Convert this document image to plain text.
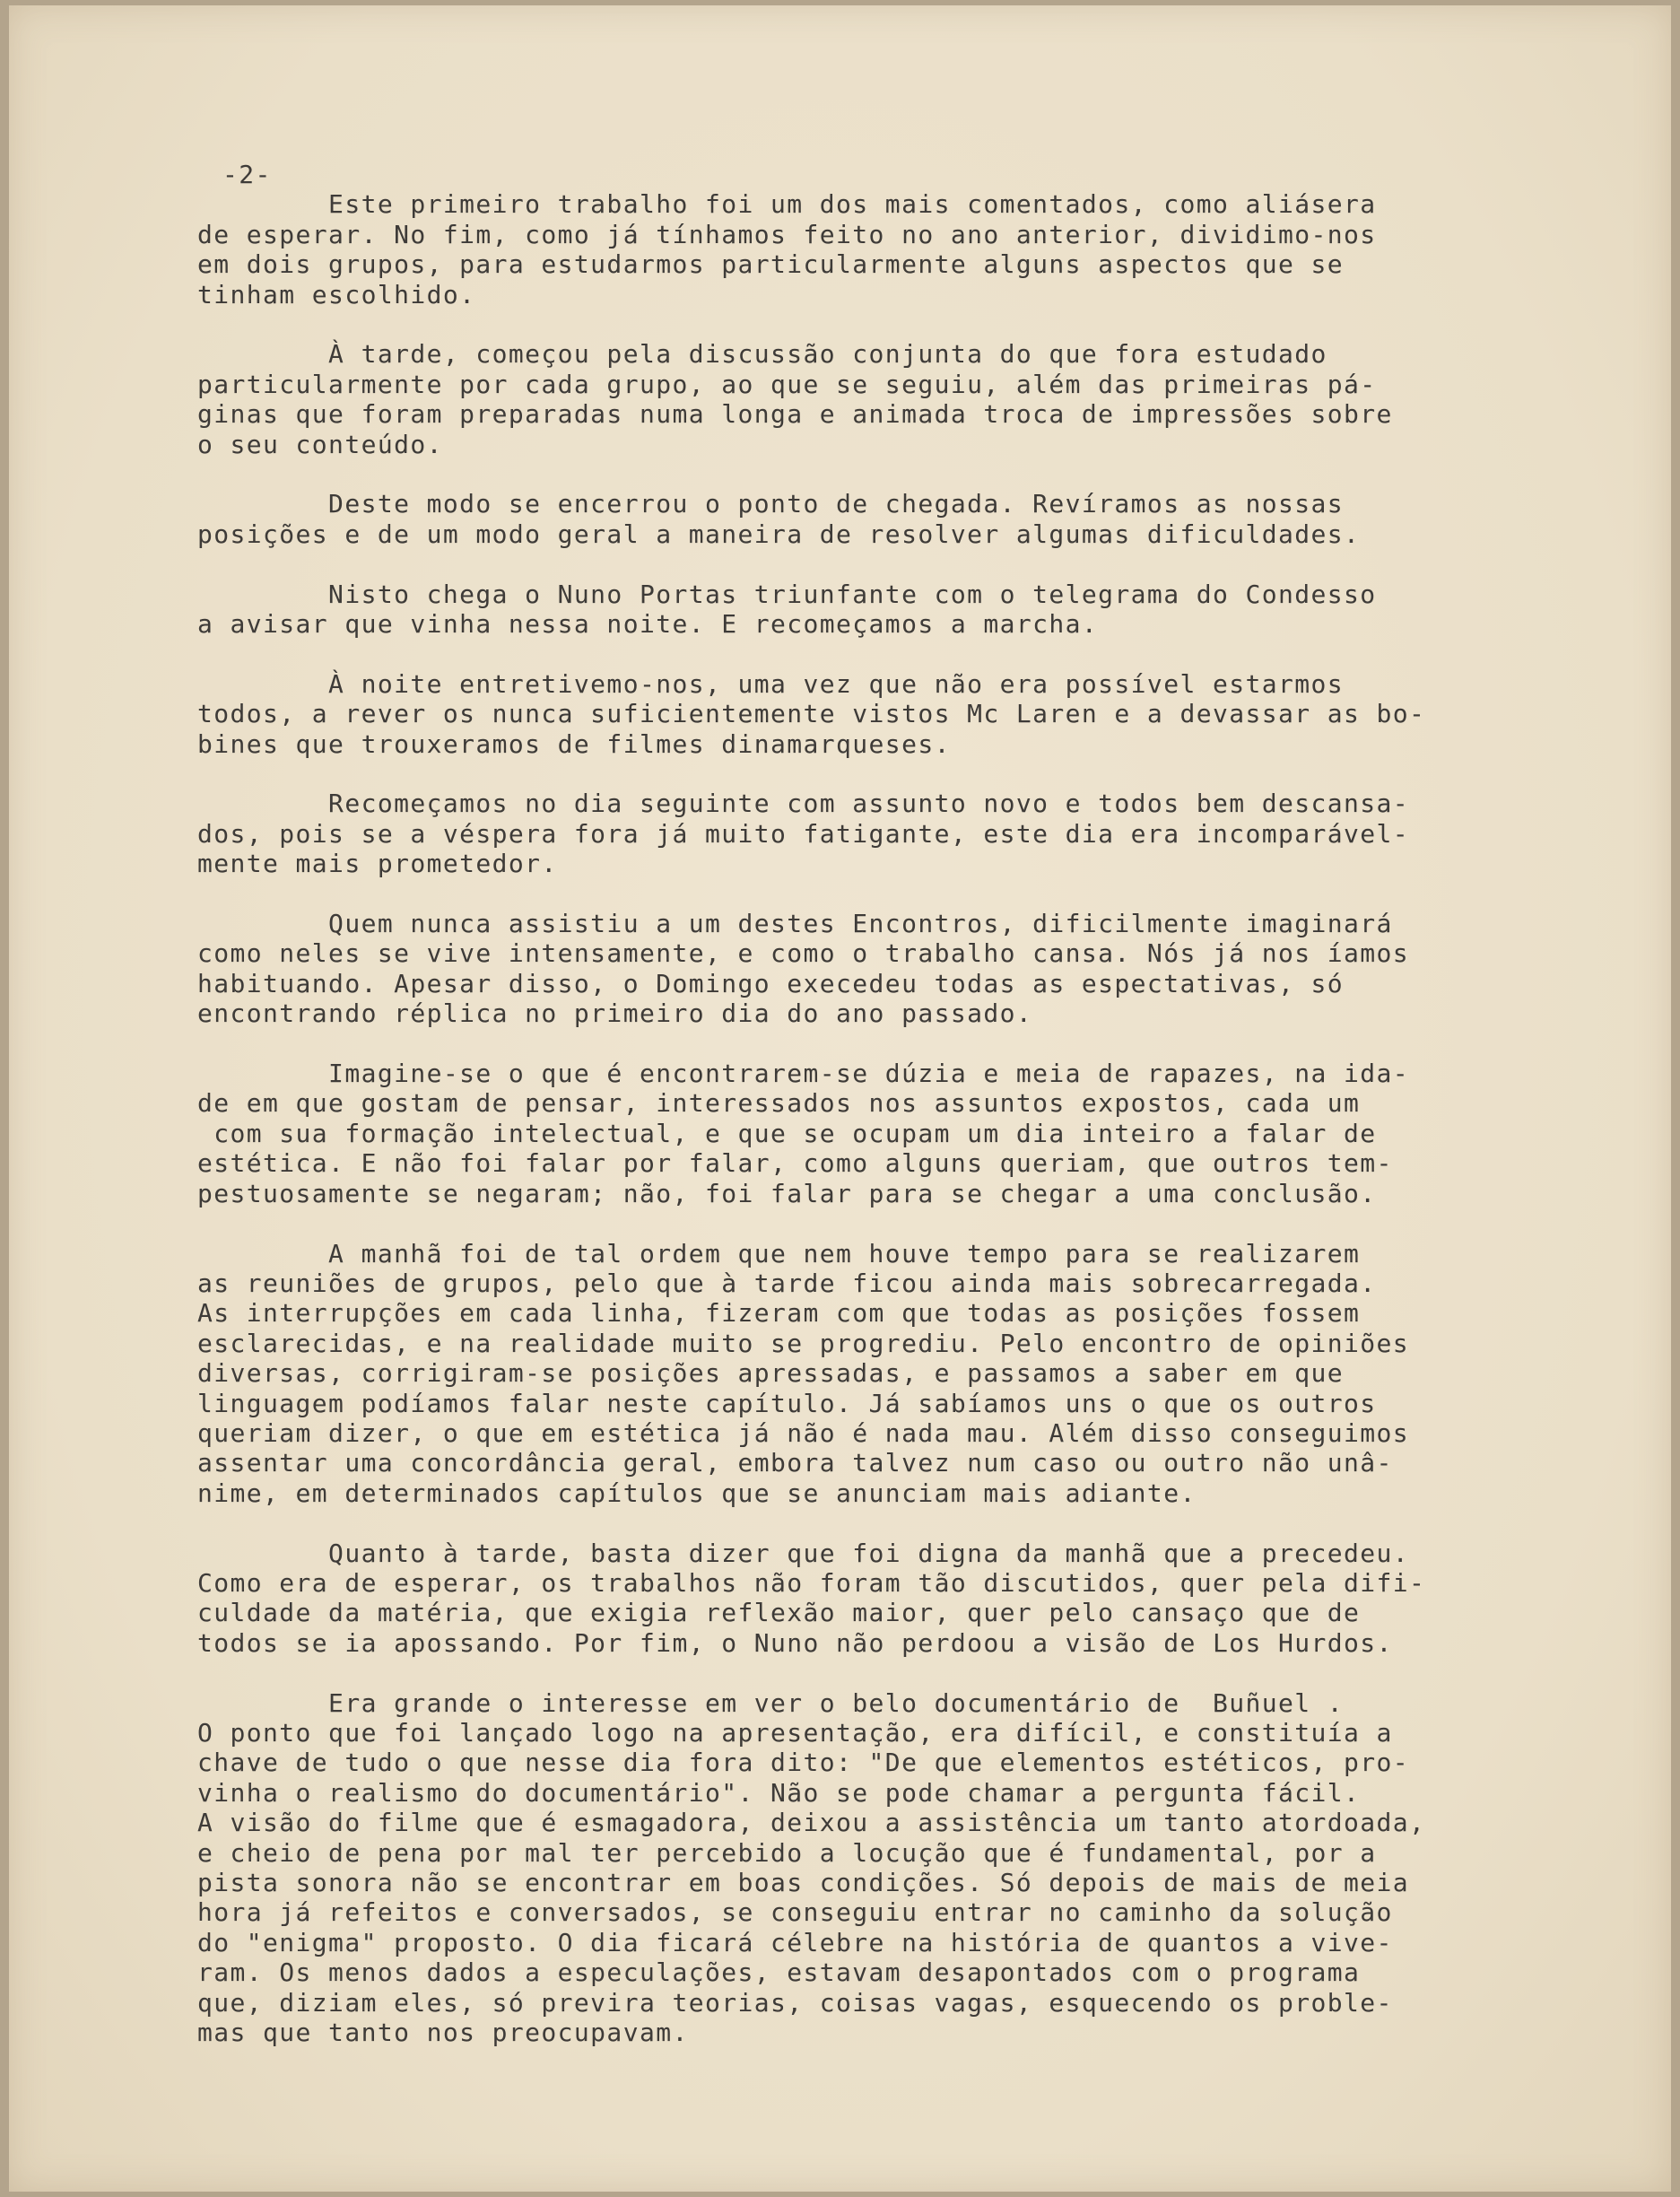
-2-
Este primeiro trabalho foi um dos mais comentados, como aliásera
de esperar. No fim, como já tínhamos feito no ano anterior, dividimo-nos
em dois grupos, para estudarmos particularmente alguns aspectos que se
tinham escolhido.
À tarde, começou pela discussão conjunta do que fora estudado
particularmente por cada grupo, ao que se seguiu, além das primeiras pá-
ginas que foram preparadas numa longa e animada troca de impressões sobre
o seu conteúdo.
Deste modo se encerrou o ponto de chegada. Revíramos as nossas
posições e de um modo geral a maneira de resolver algumas dificuldades.
Nisto chega o Nuno Portas triunfante com o telegrama do Condesso
a avisar que vinha nessa noite. E recomeçamos a marcha.
À noite entretivemo-nos, uma vez que não era possível estarmos
todos, a rever os nunca suficientemente vistos Mc Laren e a devassar as bo-
bines que trouxeramos de filmes dinamarqueses.
Recomeçamos no dia seguinte com assunto novo e todos bem descansa-
dos, pois se a véspera fora já muito fatigante, este dia era incomparável-
mente mais prometedor.
Quem nunca assistiu a um destes Encontros, dificilmente imaginará
como neles se vive intensamente, e como o trabalho cansa. Nós já nos íamos
habituando. Apesar disso, o Domingo execedeu todas as espectativas, só
encontrando réplica no primeiro dia do ano passado.
Imagine-se o que é encontrarem-se dúzia e meia de rapazes, na ida-
de em que gostam de pensar, interessados nos assuntos expostos, cada um
com sua formação intelectual, e que se ocupam um dia inteiro a falar de
estética. E não foi falar por falar, como alguns queriam, que outros tem-
pestuosamente se negaram; não, foi falar para se chegar a uma conclusão.
A manhã foi de tal ordem que nem houve tempo para se realizarem
as reuniões de grupos, pelo que à tarde ficou ainda mais sobrecarregada.
As interrupções em cada linha, fizeram com que todas as posições fossem
esclarecidas, e na realidade muito se progrediu. Pelo encontro de opiniões
diversas, corrigiram-se posições apressadas, e passamos a saber em que
linguagem podíamos falar neste capítulo. Já sabíamos uns o que os outros
queriam dizer, o que em estética já não é nada mau. Além disso conseguimos
assentar uma concordância geral, embora talvez num caso ou outro não unâ-
nime, em determinados capítulos que se anunciam mais adiante.
Quanto à tarde, basta dizer que foi digna da manhã que a precedeu.
Como era de esperar, os trabalhos não foram tão discutidos, quer pela difi-
culdade da matéria, que exigia reflexão maior, quer pelo cansaço que de
todos se ia apossando. Por fim, o Nuno não perdoou a visão de Los Hurdos.
Era grande o interesse em ver o belo documentário de  Buñuel .
O ponto que foi lançado logo na apresentação, era difícil, e constituía a
chave de tudo o que nesse dia fora dito: "De que elementos estéticos, pro-
vinha o realismo do documentário". Não se pode chamar a pergunta fácil.
A visão do filme que é esmagadora, deixou a assistência um tanto atordoada,
e cheio de pena por mal ter percebido a locução que é fundamental, por a
pista sonora não se encontrar em boas condições. Só depois de mais de meia
hora já refeitos e conversados, se conseguiu entrar no caminho da solução
do "enigma" proposto. O dia ficará célebre na história de quantos a vive-
ram. Os menos dados a especulações, estavam desapontados com o programa
que, diziam eles, só previra teorias, coisas vagas, esquecendo os proble-
mas que tanto nos preocupavam.
